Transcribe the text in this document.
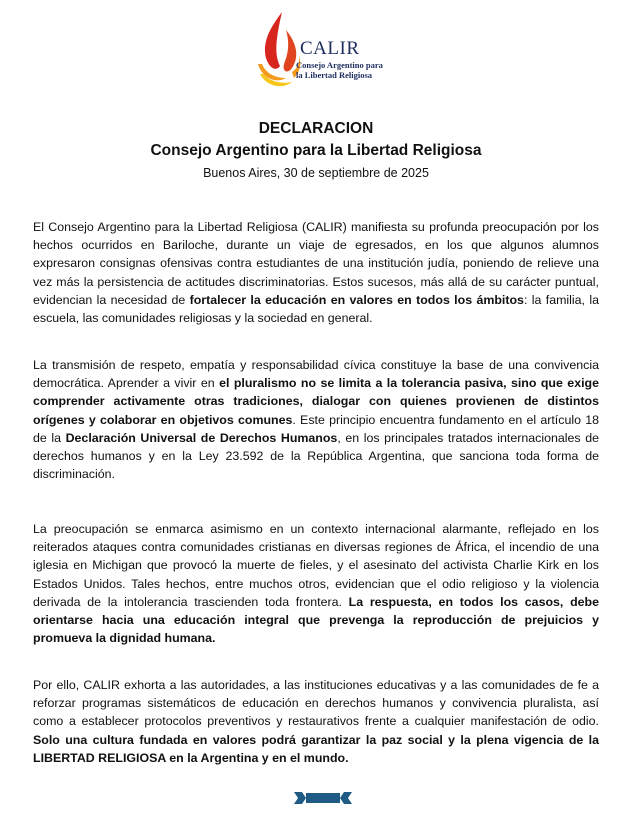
CALIR
Consejo Argentino para
la Libertad Religiosa
DECLARACION
Consejo Argentino para la Libertad Religiosa
Buenos Aires, 30 de septiembre de 2025

El Consejo Argentino para la Libertad Religiosa (CALIR) manifiesta su profunda preocupación por los hechos ocurridos en Bariloche, durante un viaje de egresados, en los que algunos alumnos expresaron consignas ofensivas contra estudiantes de una institución judía, poniendo de relieve una vez más la persistencia de actitudes discriminatorias. Estos sucesos, más allá de su carácter puntual, evidencian la necesidad de fortalecer la educación en valores en todos los ámbitos: la familia, la escuela, las comunidades religiosas y la sociedad en general.

La transmisión de respeto, empatía y responsabilidad cívica constituye la base de una convivencia democrática. Aprender a vivir en el pluralismo no se limita a la tolerancia pasiva, sino que exige comprender activamente otras tradiciones, dialogar con quienes provienen de distintos orígenes y colaborar en objetivos comunes. Este principio encuentra fundamento en el artículo 18 de la Declaración Universal de Derechos Humanos, en los principales tratados internacionales de derechos humanos y en la Ley 23.592 de la República Argentina, que sanciona toda forma de discriminación.

La preocupación se enmarca asimismo en un contexto internacional alarmante, reflejado en los reiterados ataques contra comunidades cristianas en diversas regiones de África, el incendio de una iglesia en Michigan que provocó la muerte de fieles, y el asesinato del activista Charlie Kirk en los Estados Unidos. Tales hechos, entre muchos otros, evidencian que el odio religioso y la violencia derivada de la intolerancia trascienden toda frontera. La respuesta, en todos los casos, debe orientarse hacia una educación integral que prevenga la reproducción de prejuicios y promueva la dignidad humana.

Por ello, CALIR exhorta a las autoridades, a las instituciones educativas y a las comunidades de fe a reforzar programas sistemáticos de educación en derechos humanos y convivencia pluralista, así como a establecer protocolos preventivos y restaurativos frente a cualquier manifestación de odio. Solo una cultura fundada en valores podrá garantizar la paz social y la plena vigencia de la LIBERTAD RELIGIOSA en la Argentina y en el mundo.
